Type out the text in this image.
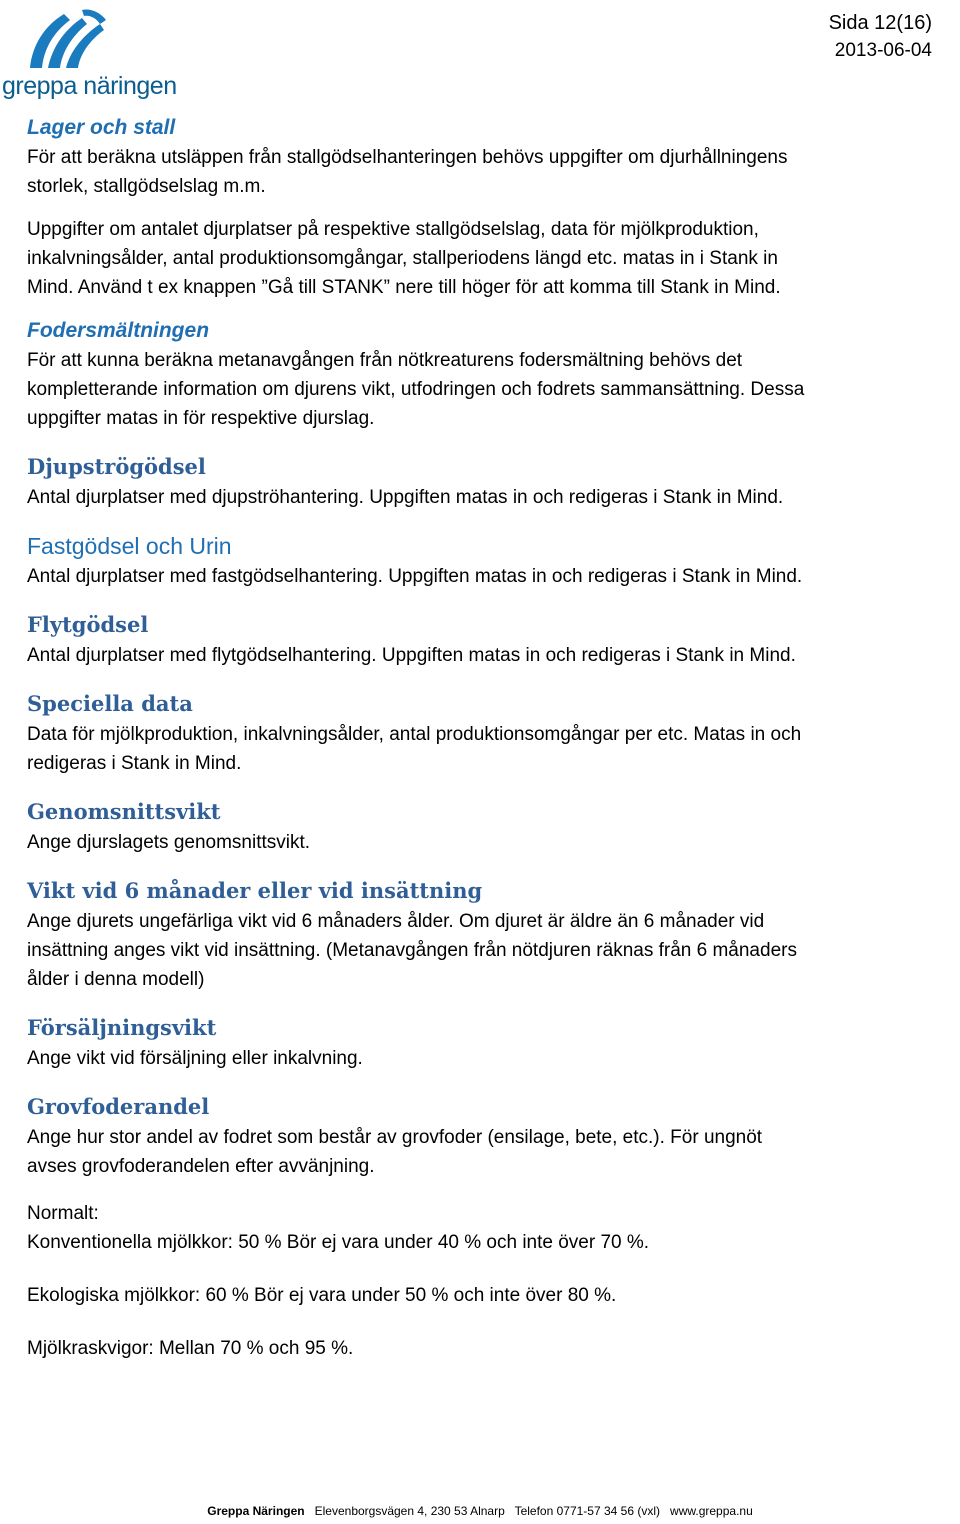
greppa näringen
Sida 12(16)
2013-06-04
Lager och stall

För att beräkna utsläppen från stallgödselhanteringen behövs uppgifter om djurhållningens

storlek, stallgödselslag m.m.

Uppgifter om antalet djurplatser på respektive stallgödselslag, data för mjölkproduktion,

inkalvningsålder, antal produktionsomgångar, stallperiodens längd etc. matas in i Stank in

Mind. Använd t ex knappen ”Gå till STANK” nere till höger för att komma till Stank in Mind.

Fodersmältningen

För att kunna beräkna metanavgången från nötkreaturens fodersmältning behövs det

kompletterande information om djurens vikt, utfodringen och fodrets sammansättning. Dessa

uppgifter matas in för respektive djurslag.

Djupströgödsel

Antal djurplatser med djupströhantering. Uppgiften matas in och redigeras i Stank in Mind.

Fastgödsel och Urin

Antal djurplatser med fastgödselhantering. Uppgiften matas in och redigeras i Stank in Mind.

Flytgödsel

Antal djurplatser med flytgödselhantering. Uppgiften matas in och redigeras i Stank in Mind.

Speciella data

Data för mjölkproduktion, inkalvningsålder, antal produktionsomgångar per etc. Matas in och

redigeras i Stank in Mind.

Genomsnittsvikt

Ange djurslagets genomsnittsvikt.

Vikt vid 6 månader eller vid insättning

Ange djurets ungefärliga vikt vid 6 månaders ålder. Om djuret är äldre än 6 månader vid

insättning anges vikt vid insättning. (Metanavgången från nötdjuren räknas från 6 månaders

ålder i denna modell)

Försäljningsvikt

Ange vikt vid försäljning eller inkalvning.

Grovfoderandel

Ange hur stor andel av fodret som består av grovfoder (ensilage, bete, etc.). För ungnöt

avses grovfoderandelen efter avvänjning.

Normalt:

Konventionella mjölkkor: 50 % Bör ej vara under 40 % och inte över 70 %.

Ekologiska mjölkkor: 60 % Bör ej vara under 50 % och inte över 80 %.

Mjölkraskvigor: Mellan 70 % och 95 %.

Greppa Näringen Elevenborgsvägen 4, 230 53 Alnarp Telefon 0771-57 34 56 (vxl) www.greppa.nu
